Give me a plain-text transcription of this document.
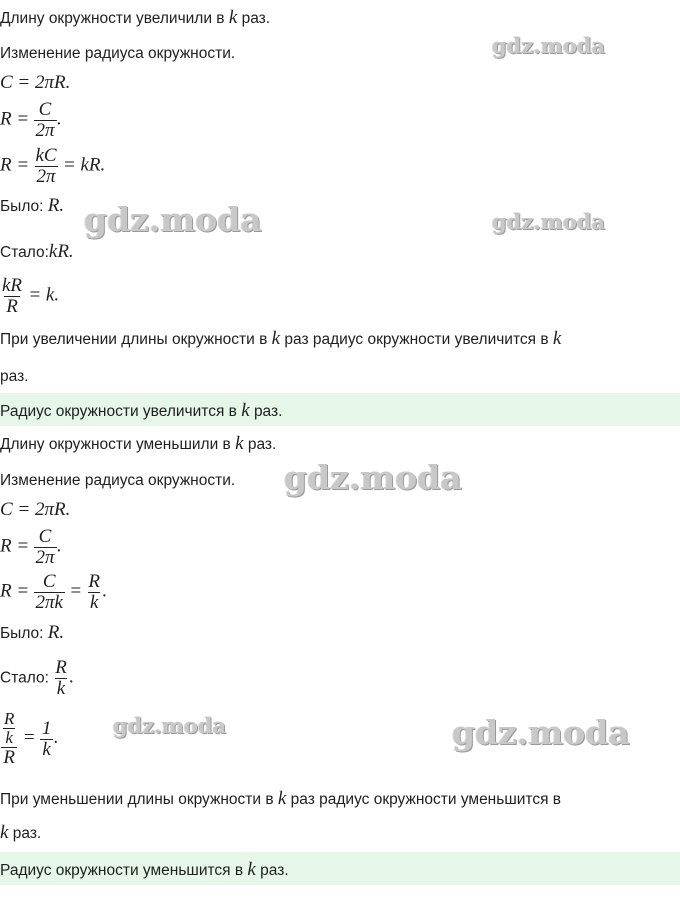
Длину окружности увеличили в k раз.
Изменение радиуса окружности.
C = 2πR.
$R = \frac{C}{2\pi}$ .
$R = \frac{kC}{2\pi}$ = kR.
Было: R.
Стало:kR.
$\frac{kR}{R} = k$.
При увеличении длины окружности в k раз радиус окружности увеличится в k
раз.
Радиус окружности увеличится в k раз.
Длину окружности уменьшили в k раз.
Изменение радиуса окружности.
C = 2πR.
$R = \frac{C}{2\pi}$ .
$R = \frac{C}{2\pi k} = \frac{R}{k}$ .
Было: R.
Стало: $\frac{R}{k}$ .
$\frac{\frac{R}{k}}{R} = \frac{1}{k}$ .
При уменьшении длины окружности в k раз радиус окружности уменьшится в
k раз.
Радиус окружности уменьшится в k раз.
gdz.moda
gdz.moda	gdz.moda
gdz.moda
gdz.moda	gdz.moda
